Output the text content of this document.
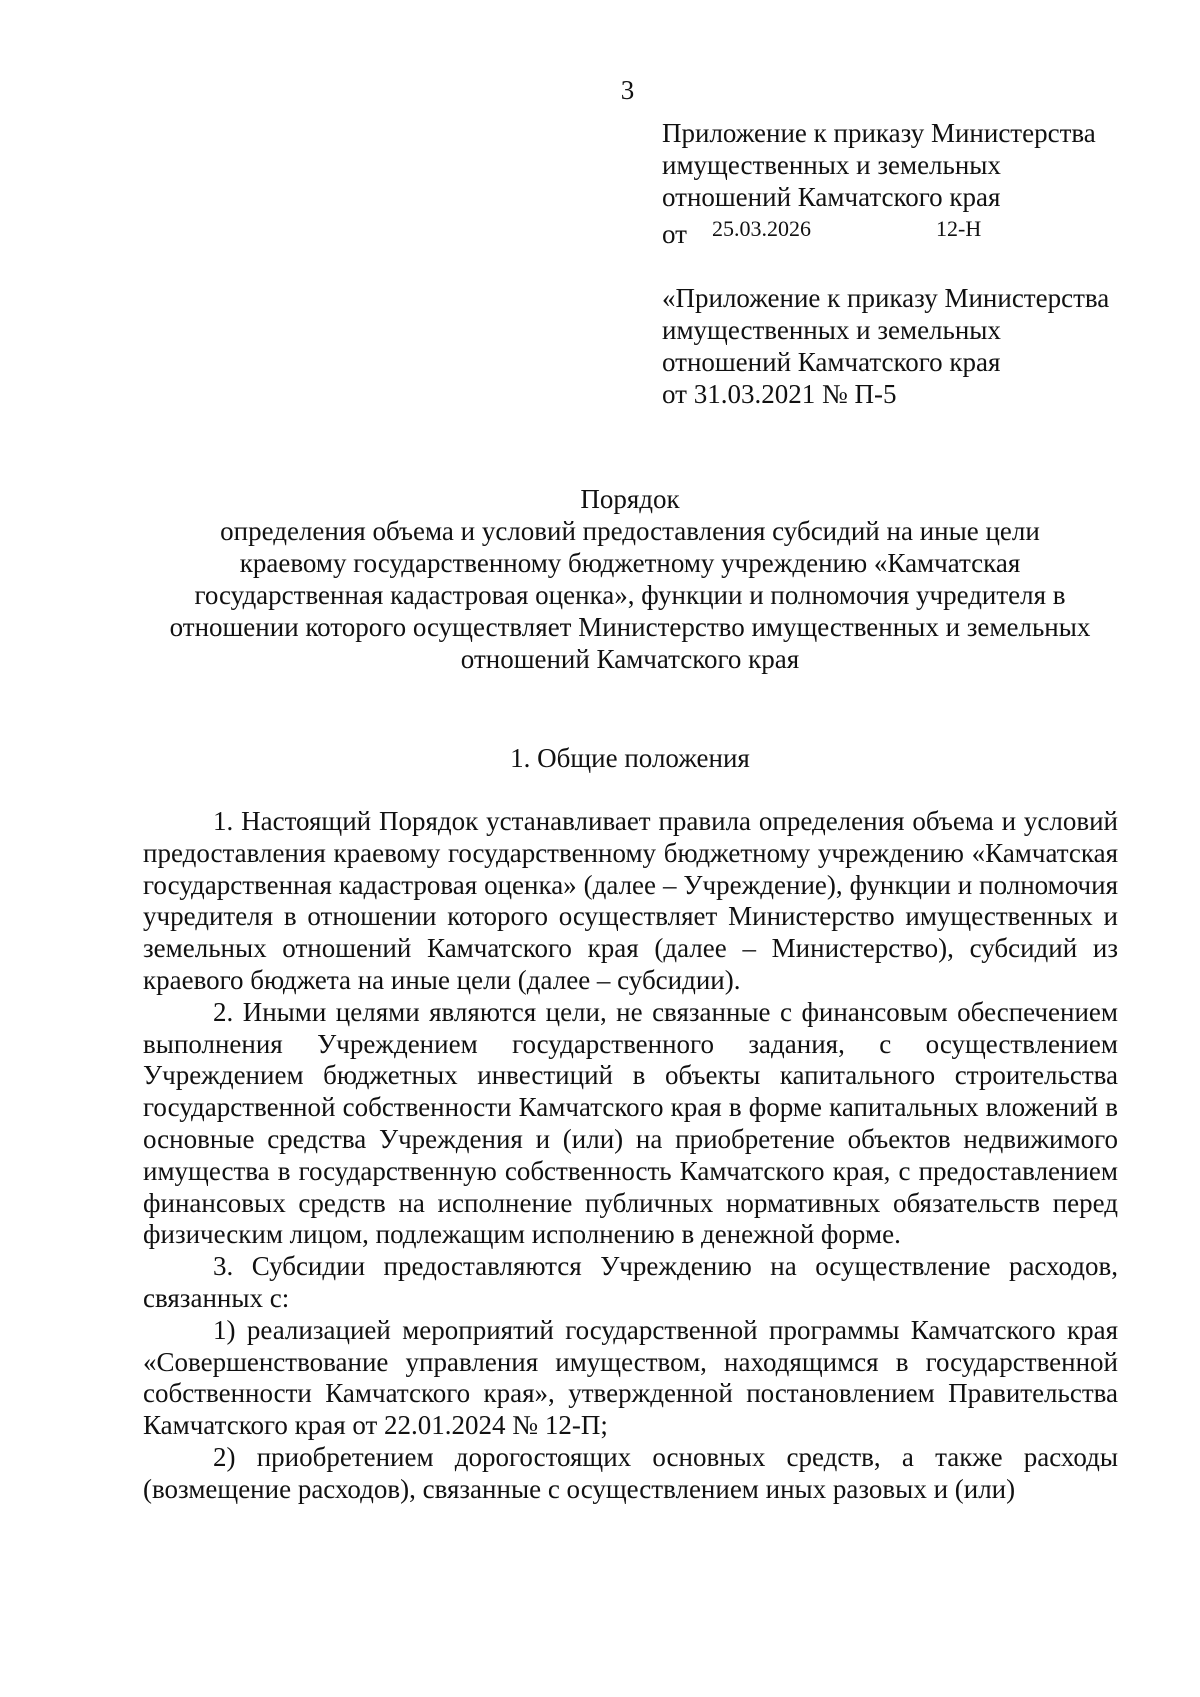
3
Приложение к приказу Министерства
имущественных и земельных
отношений Камчатского края
от 25.03.2026	12-Н
«Приложение к приказу Министерства
имущественных и земельных
отношений Камчатского края
от 31.03.2021 № П-5
Порядок
определения объема и условий предоставления субсидий на иные цели
краевому государственному бюджетному учреждению «Камчатская
государственная кадастровая оценка», функции и полномочия учредителя в
отношении которого осуществляет Министерство имущественных и земельных
отношений Камчатского края
1. Общие положения

1. Настоящий Порядок устанавливает правила определения объема и условий предоставления краевому государственному бюджетному учреждению «Камчатская государственная кадастровая оценка» (далее – Учреждение), функции и полномочия учредителя в отношении которого осуществляет Министерство имущественных и земельных отношений Камчатского края (далее – Министерство), субсидий из краевого бюджета на иные цели (далее – субсидии).

2. Иными целями являются цели, не связанные с финансовым обеспечением выполнения Учреждением государственного задания, с осуществлением Учреждением бюджетных инвестиций в объекты капитального строительства государственной собственности Камчатского края в форме капитальных вложений в основные средства Учреждения и (или) на приобретение объектов недвижимого имущества в государственную собственность Камчатского края, с предоставлением финансовых средств на исполнение публичных нормативных обязательств перед физическим лицом, подлежащим исполнению в денежной форме.

3. Субсидии предоставляются Учреждению на осуществление расходов, связанных с:

1) реализацией мероприятий государственной программы Камчатского края «Совершенствование управления имуществом, находящимся в государственной собственности Камчатского края», утвержденной постановлением Правительства Камчатского края от 22.01.2024 № 12-П;

2) приобретением дорогостоящих основных средств, а также расходы (возмещение расходов), связанные с осуществлением иных разовых и (или)
